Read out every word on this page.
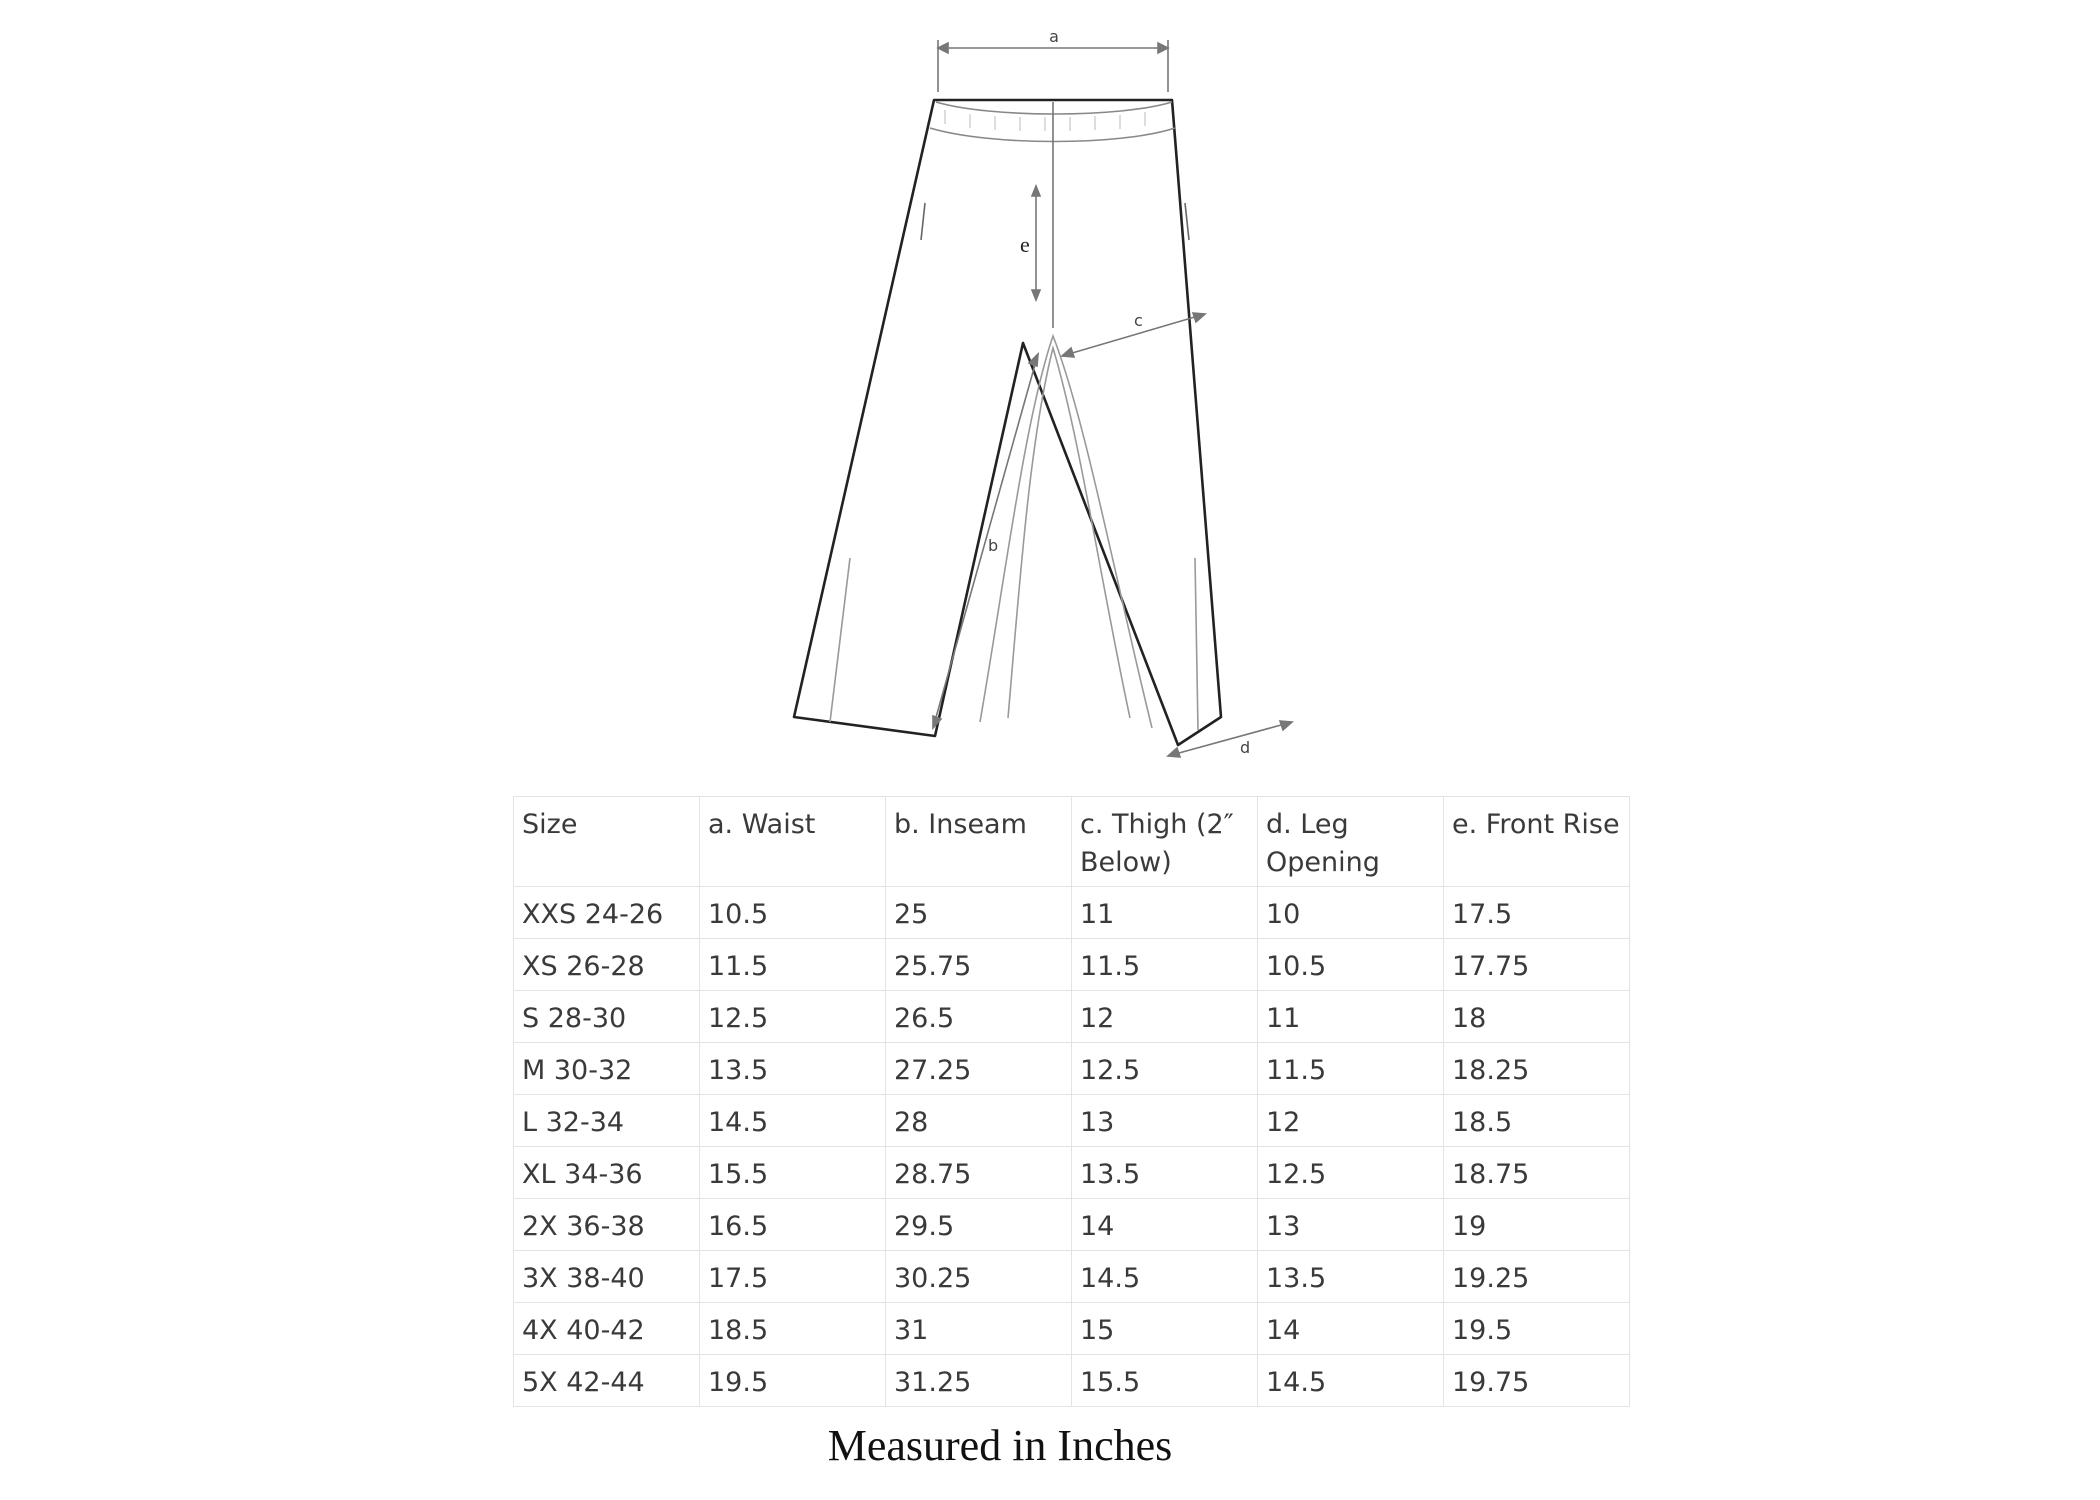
a
e
c
b
d
Size	a. Waist	b. Inseam	c. Thigh (2″ Below)	d. Leg Opening	e. Front Rise
XXS 24-26	10.5	25	11	10	17.5
XS 26-28	11.5	25.75	11.5	10.5	17.75
S 28-30	12.5	26.5	12	11	18
M 30-32	13.5	27.25	12.5	11.5	18.25
L 32-34	14.5	28	13	12	18.5
XL 34-36	15.5	28.75	13.5	12.5	18.75
2X 36-38	16.5	29.5	14	13	19
3X 38-40	17.5	30.25	14.5	13.5	19.25
4X 40-42	18.5	31	15	14	19.5
5X 42-44	19.5	31.25	15.5	14.5	19.75
Measured in Inches
